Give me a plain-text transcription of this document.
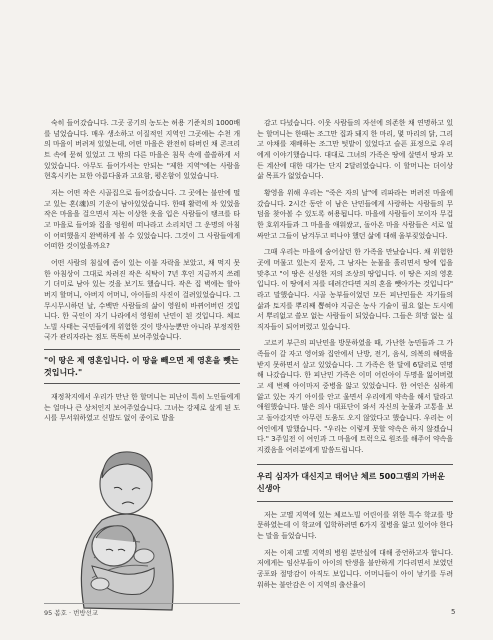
숙히 들어갔습니다. 그곳 공기의 농도는 허용 기준치의 1000배를 넘었습니다. 매우 생소하고 이질적인 지역인 그곳에는 수천 개의 마을이 버려져 있었는데, 어떤 마을은 완전히 타버린 채 콘크리트 속에 묻혀 있었고 그 밖의 다른 마을은 침묵 속에 쓸쓸하게 서 있었습니다. 아무도 들어가서는 안되는 "제한 지역"에는 사람을 현혹시키는 묘한 아름다움과 고요함, 평온함이 있었습니다.

저는 어떤 작은 시골집으로 들어갔습니다. 그 곳에는 불안에 떨고 있는 혼(魂)의 기운이 남아있었습니다. 한때 활력에 차 있었을 작은 마을을 걸으면서 저는 이상한 옷을 입은 사람들이 탱크를 타고 마을로 들어와 집을 엉원히 떠나라고 소리치던 그 운명의 아침이 어떠했을지 완벽하게 볼 수 있었습니다. 그것이 그 사람들에게 어떠한 것이었을까요?

어떤 사람의 침실에 좀이 있는 이불 자락을 보았고, 채 먹지 못한 아침상이 그대로 차려진 작은 식탁이 7년 후인 지금까지 쓰레기 더미로 남아 있는 것을 보기도 했습니다. 작은 집 벽에는 할아버지 할머니, 아버지 어머니, 아이들의 사진이 걸려있었습니다. 그 무시무시하던 날, 수백만 사람들의 삶이 영원히 바뀌어버린 것입니다. 한 국인이 자기 나라에서 영원히 난민이 된 것입니다. 체르노빌 사태는 국민들에게 위험한 것이 방사능뿐만 아니라 부정직한 국가 관리자라는 점도 똑똑히 보여주었습니다.

"이 땅은 제 영혼입니다. 이 땅을 빼으면 제 영혼을 뺏는 것입니다."

재정착지에서 우리가 만난 한 할머니는 피난이 특히 노인들에게는 얼마나 큰 상처인지 보여주었습니다. 그녀는 강제로 살게 된 도시를 무서워하였고 신발도 없이 종이로 발을

감고 다녔습니다. 이웃 사람들의 자선에 의존한 채 연명하고 있는 할머니는 한때는 조그만 집과 돼지 한 마리, 몇 마리의 닭, 그리고 야채를 재배하는 조그만 텃밭이 있었다고 슬픈 표정으로 우리에게 이야기했습니다. 대대로 그녀의 가족은 땅에 살면서 땅과 모든 계산에 대한 대가는 단지 2달러였습니다. 이 할머니는 더이상 삶 목표가 없었습니다.

황영을 위해 우리는 "죽은 자의 날"에 리파라는 버려진 마을에 갔습니다. 2시간 동안 이 남은 난민들에게 사랑하는 사람들의 무덤을 찾아볼 수 있도록 허용됩니다. 마을에 사람들이 모이자 무겁한 호위자들과 그 마을을 애워쌌고, 돌아온 마을 사람들은 서로 얼싸안고 그들이 남겨두고 떠나야 했던 삶에 대해 울부짖었습니다.

그때 우리는 마을에 숨어살던 한 가족을 만났습니다. 채 위험한 곳에 머물고 있는지 묻자, 그 남자는 눈물을 흘리면서 땅에 입을 맞추고 "이 땅은 신성한 저의 조상의 땅입니다. 이 땅은 저의 영혼입니다. 이 땅에서 저를 데려간다면 저의 혼을 뺏아가는 것입니다" 라고 말했습니다. 시골 농부들이었던 모든 피난민들은 자기들의 삶과 토지를 뿌리째 뽑혀야 지금은 농사 기술이 필요 없는 도시에서 뿌리없고 쓸모 없는 사람들이 되었습니다. 그들은 희망 없는 실직자들이 되어버렸고 있습니다.

고르키 부근의 피난민을 방문하였을 때, 가난한 농민들과 그 가족들이 갈 자고 영어와 집안에서 난방, 전기, 음식, 의복의 해택을 받지 못하면서 살고 있었습니다. 그 가족은 한 달에 6달러로 연명해 나갔습니다. 한 피난민 가족은 이미 어린아이 두명을 잃어버렸고 세 번째 아이마저 중병을 앓고 있었습니다. 한 여인은 심하게 앓고 있는 자기 아이를 안고 울면서 우리에게 약속을 해서 달라고 애원했습니다. 많은 의사 대표단이 와서 자신의 눈물과 고통을 보고 돌아갔지만 아무런 도움도 오지 않았다고 했습니다. 우리는 이 여인에게 말했습니다. "우리는 이렇게 못할 약속은 하지 않겠습니다." 3주일전 이 여인과 그 마을에 트럭으로 원조를 해주어 약속을 지켰음을 여러분에게 말씀드립니다.

우리 심자가 대신지고 태어난 체르 500그램의 가버운 신생아

저는 고멜 지역에 있는 체르노빌 어린이를 위한 특수 학교를 방문하였는데 이 학교에 입학하려면 6가지 질병을 앓고 있어야 한다는 말을 들었습니다.

저는 이제 고멜 지역의 병원 분만실에 대해 증언하고자 합니다. 저에게는 임산부들이 아이의 탄생을 불안하게 기다리면서 보였던 공포와 절망감이 아직도 보입니다. 어머니들이 아이 낳기를 두려워하는 불안감은 이 지역의 출산율이

95 봄호 · 번방선교	5
